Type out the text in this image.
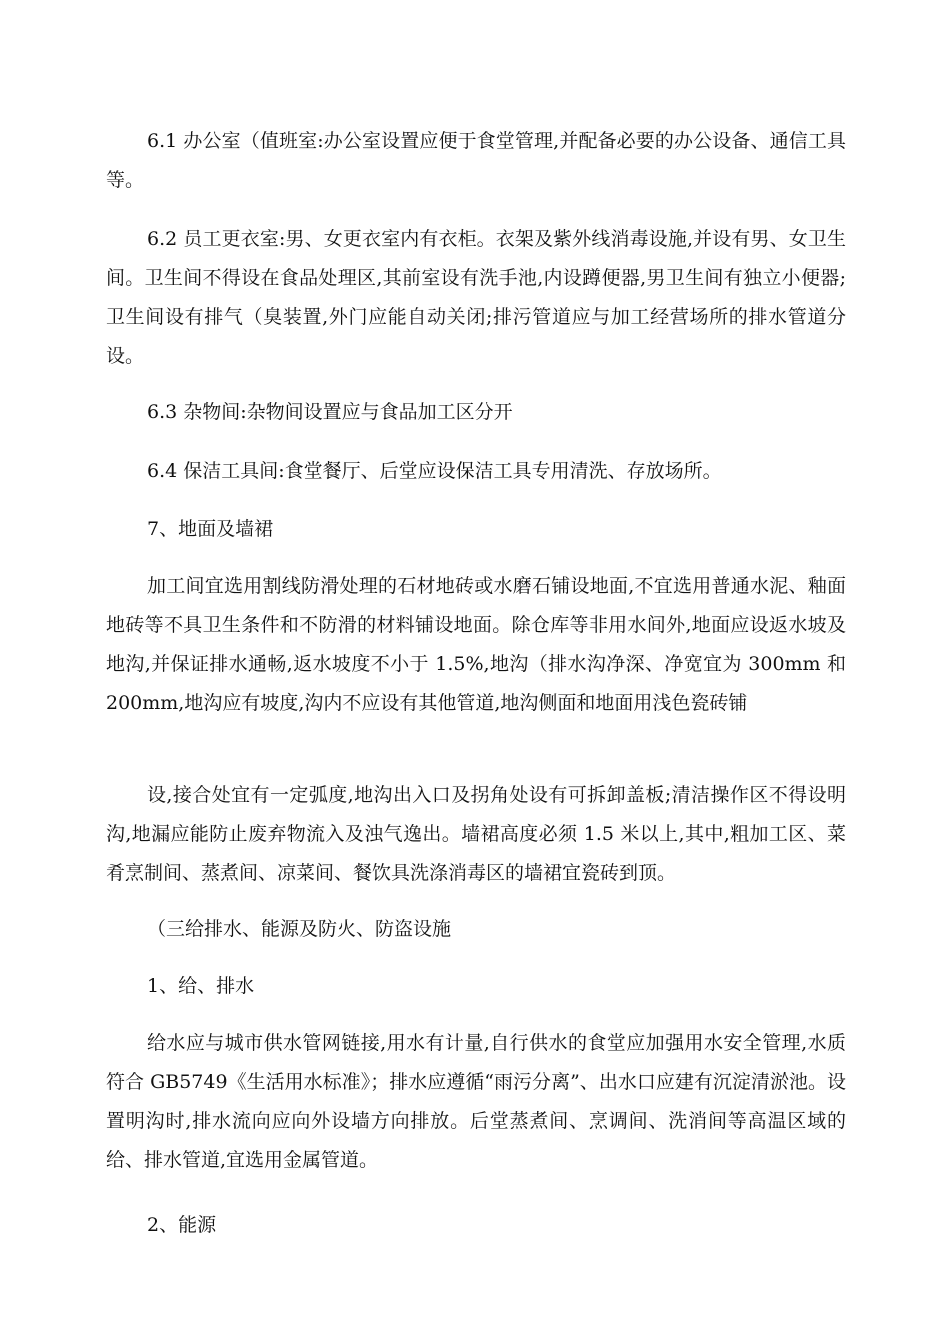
6.1 办公室（值班室:办公室设置应便于食堂管理,并配备必要的办公设备、通信工具等。

6.2 员工更衣室:男、女更衣室内有衣柜。衣架及紫外线消毒设施,并设有男、女卫生间。卫生间不得设在食品处理区,其前室设有洗手池,内设蹲便器,男卫生间有独立小便器;卫生间设有排气（臭装置,外门应能自动关闭;排污管道应与加工经营场所的排水管道分设。

6.3 杂物间:杂物间设置应与食品加工区分开

6.4 保洁工具间:食堂餐厅、后堂应设保洁工具专用清洗、存放场所。

7、地面及墙裙

加工间宜选用割线防滑处理的石材地砖或水磨石铺设地面,不宜选用普通水泥、釉面地砖等不具卫生条件和不防滑的材料铺设地面。除仓库等非用水间外,地面应设返水坡及地沟,并保证排水通畅,返水坡度不小于 1.5%,地沟（排水沟净深、净宽宜为 300mm 和 200mm,地沟应有坡度,沟内不应设有其他管道,地沟侧面和地面用浅色瓷砖铺

设,接合处宜有一定弧度,地沟出入口及拐角处设有可拆卸盖板;清洁操作区不得设明沟,地漏应能防止废弃物流入及浊气逸出。墙裙高度必须 1.5 米以上,其中,粗加工区、菜肴烹制间、蒸煮间、凉菜间、餐饮具洗涤消毒区的墙裙宜瓷砖到顶。

（三给排水、能源及防火、防盗设施

1、给、排水

给水应与城市供水管网链接,用水有计量,自行供水的食堂应加强用水安全管理,水质符合 GB5749《生活用水标准》；排水应遵循“雨污分离”、出水口应建有沉淀清淤池。设置明沟时,排水流向应向外设墙方向排放。后堂蒸煮间、烹调间、洗消间等高温区域的给、排水管道,宜选用金属管道。

2、能源
